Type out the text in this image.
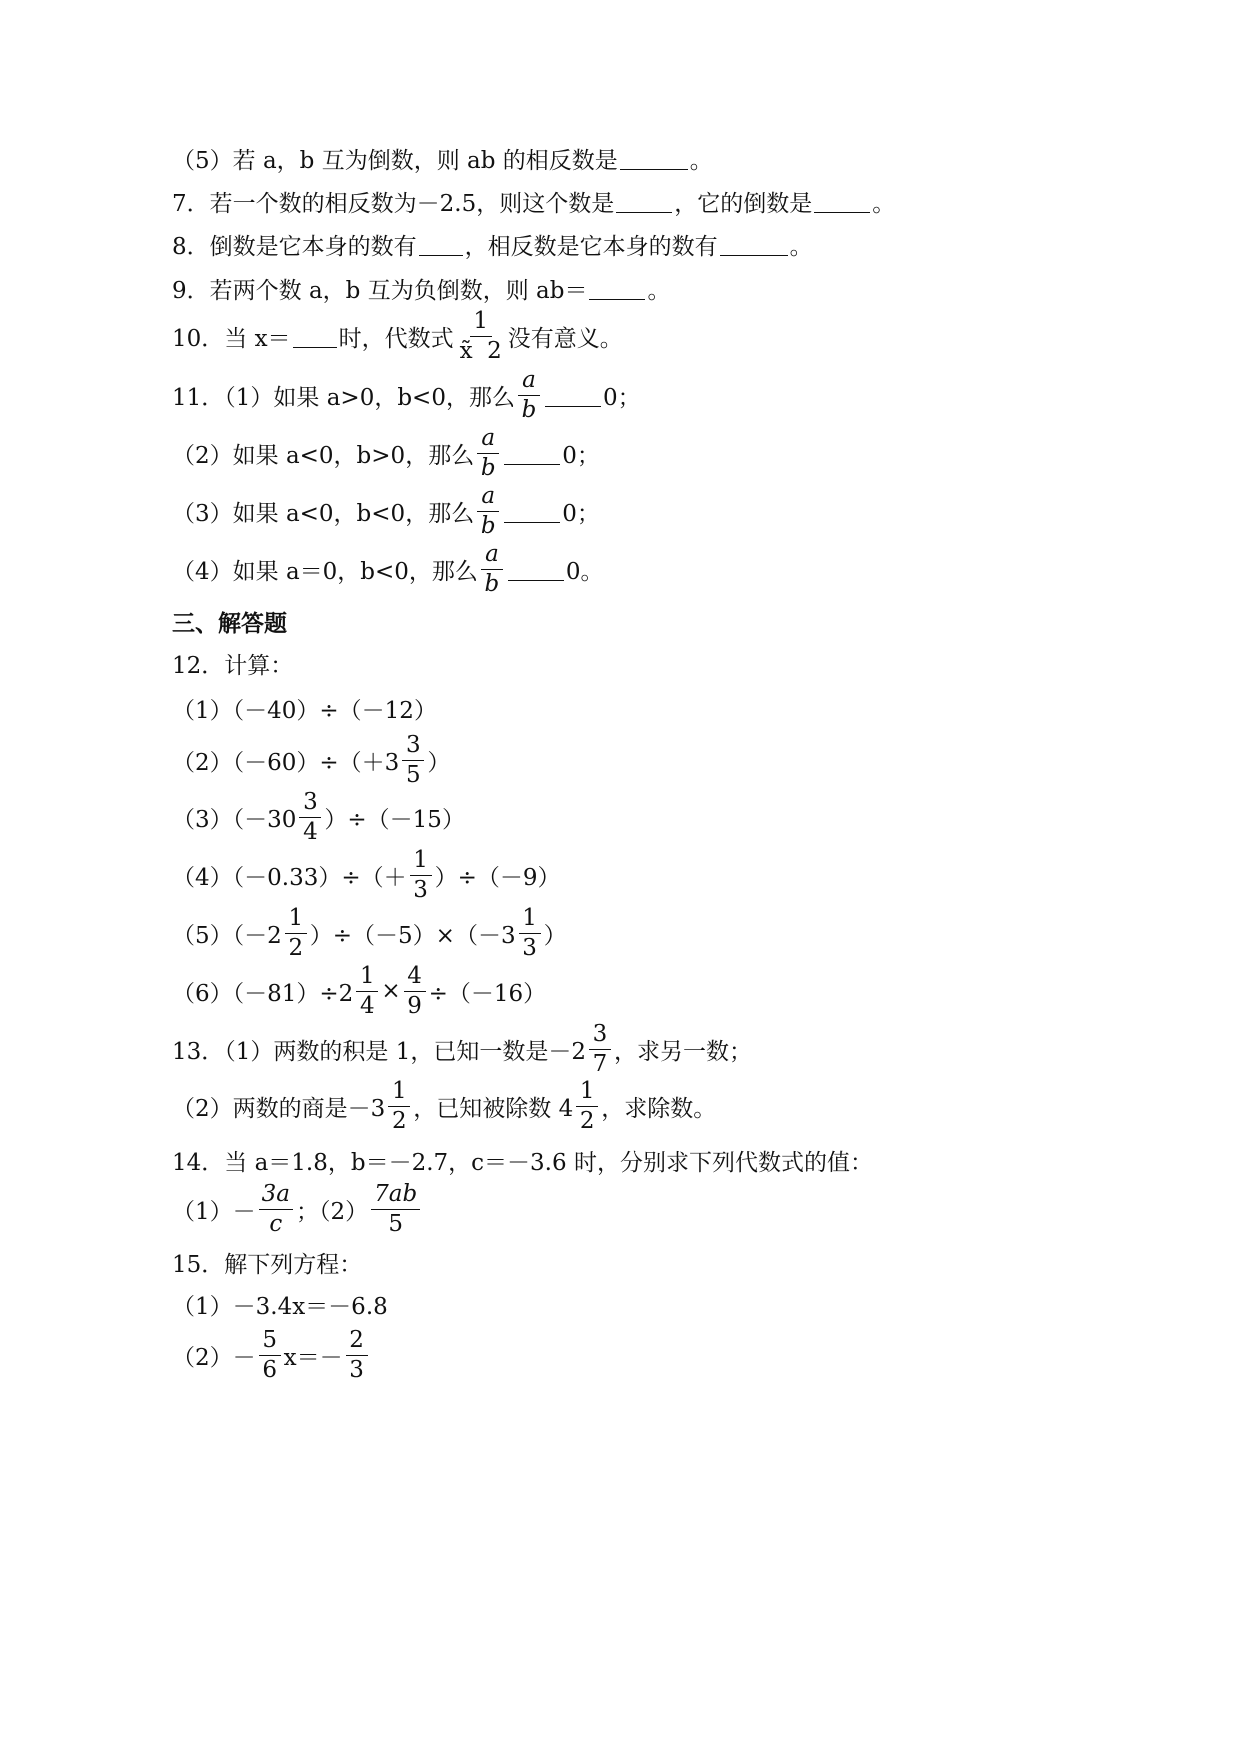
（5）若 a，b 互为倒数，则 ab 的相反数是	。
7．若一个数的相反数为－2.5，则这个数是	，它的倒数是	。
8．倒数是它本身的数有 ，相反数是它本身的数有	。
9．若两个数 a，b 互为负倒数，则 ab＝	。
10．当 x＝ 时，代数式 $\frac{1}{x̃ 2}$ 没有意义。
11．（1）如果 a>0，b<0，那么 $\frac{a}{b}$	0；
（2）如果 a<0，b>0，那么 $\frac{a}{b}$	0；
（3）如果 a<0，b<0，那么 $\frac{a}{b}$	0；
（4）如果 a＝0，b<0，那么 $\frac{a}{b}$	0。
三、解答题
12．计算：
（1）（－40）÷（－12）
$(2)(-60)\div(+3 \frac{3}{5}$ ）
$(3)(-30 \frac{3}{4} )\div(-15)$
$(4)(-0.33)\div(+ \frac{1}{3} )\div(-9)$
$(5)(-2 \frac{1}{2} )\div(-5)\times(-3 \frac{1}{3}$ ）
$(6)(-81)\div 2 \frac{1}{4} \times \frac{4}{9} \div(-16)$
13．（1）两数的积是 1，已知一数是$-2 \frac{3}{7}$ ，求另一数；
（2）两数的商是$-3 \frac{1}{2}$ ，已知被除数 $4 \frac{1}{2}$ ，求除数。
14．当 a＝1.8，b＝－2.7，c＝－3.6 时，分别求下列代数式的值：
$(1)- \frac{3a}{c}$ ；$(2) \frac{7ab}{5}$
15．解下列方程：
（1）－3.4x＝－6.8
$(2)- \frac{5}{6} x=- \frac{2}{3}$
